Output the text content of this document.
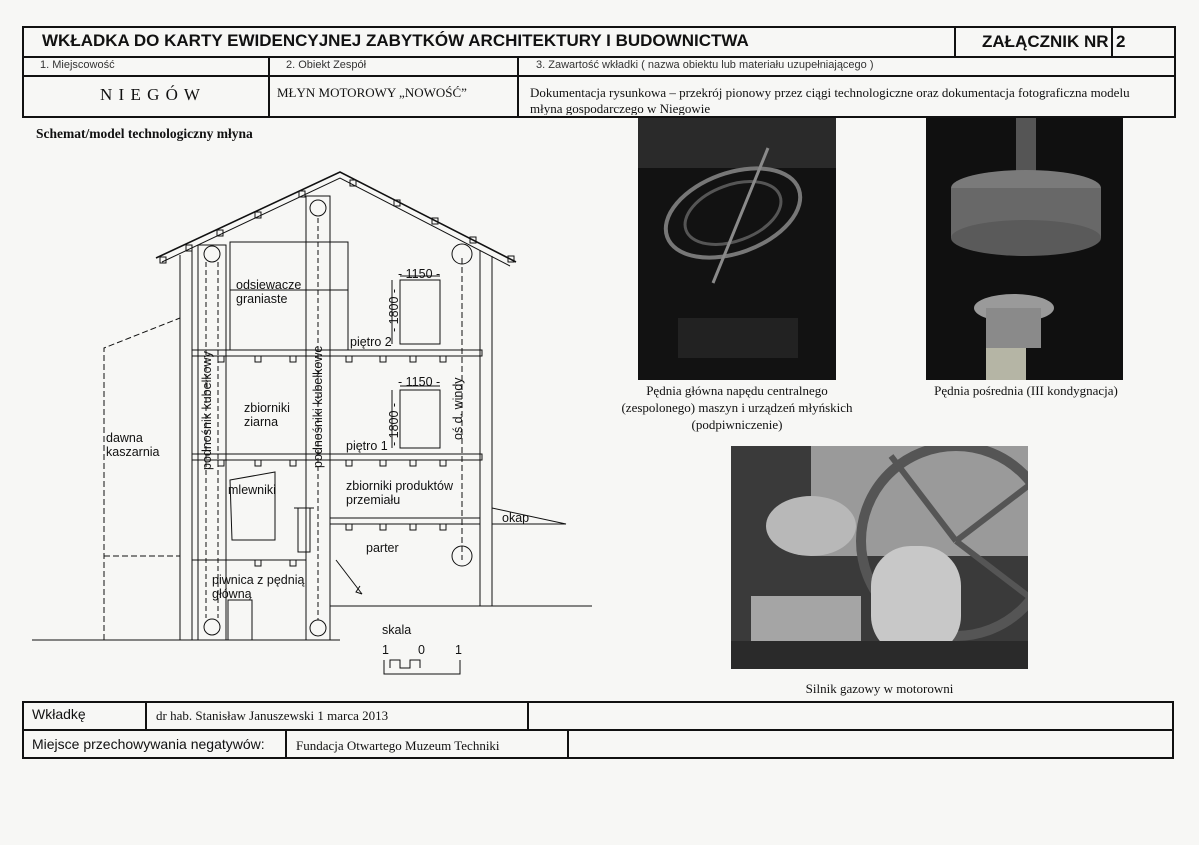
WKŁADKA DO KARTY EWIDENCYJNEJ ZABYTKÓW ARCHITEKTURY I BUDOWNICTWA	ZAŁĄCZNIK NR 2
1. Miejscowość	2. Obiekt Zespół	3. Zawartość wkładki ( nazwa obiektu lub materiału uzupełniającego )
N I E G Ó W	MŁYN MOTOROWY „NOWOŚĆ”	Dokumentacja rysunkowa – przekrój pionowy przez ciągi technologiczne oraz dokumentacja fotograficzna modelu młyna gospodarczego w Niegowie
Schemat/model technologiczny młyna
odsiewacze
graniaste
zbiorniki
ziarna
mlewniki	zbiorniki produktów
przemiału
piwnica z pędnią
główną
dawna
kaszarnia
piętro 2
piętro 1
parter
okap
- 1150 -
- 1150 -
- 1800 -
- 1800 -
podnośnik kubełkowy	podnośniki kubełkowe	oś d. windy
skala
1 0 1
Pędnia główna napędu centralnego
(zespolonego) maszyn i urządzeń młyńskich
(podpiwniczenie)
Pędnia pośrednia (III kondygnacja)
Silnik gazowy w motorowni
Wkładkę	dr hab. Stanisław Januszewski 1 marca 2013
Miejsce przechowywania negatywów: Fundacja Otwartego Muzeum Techniki
